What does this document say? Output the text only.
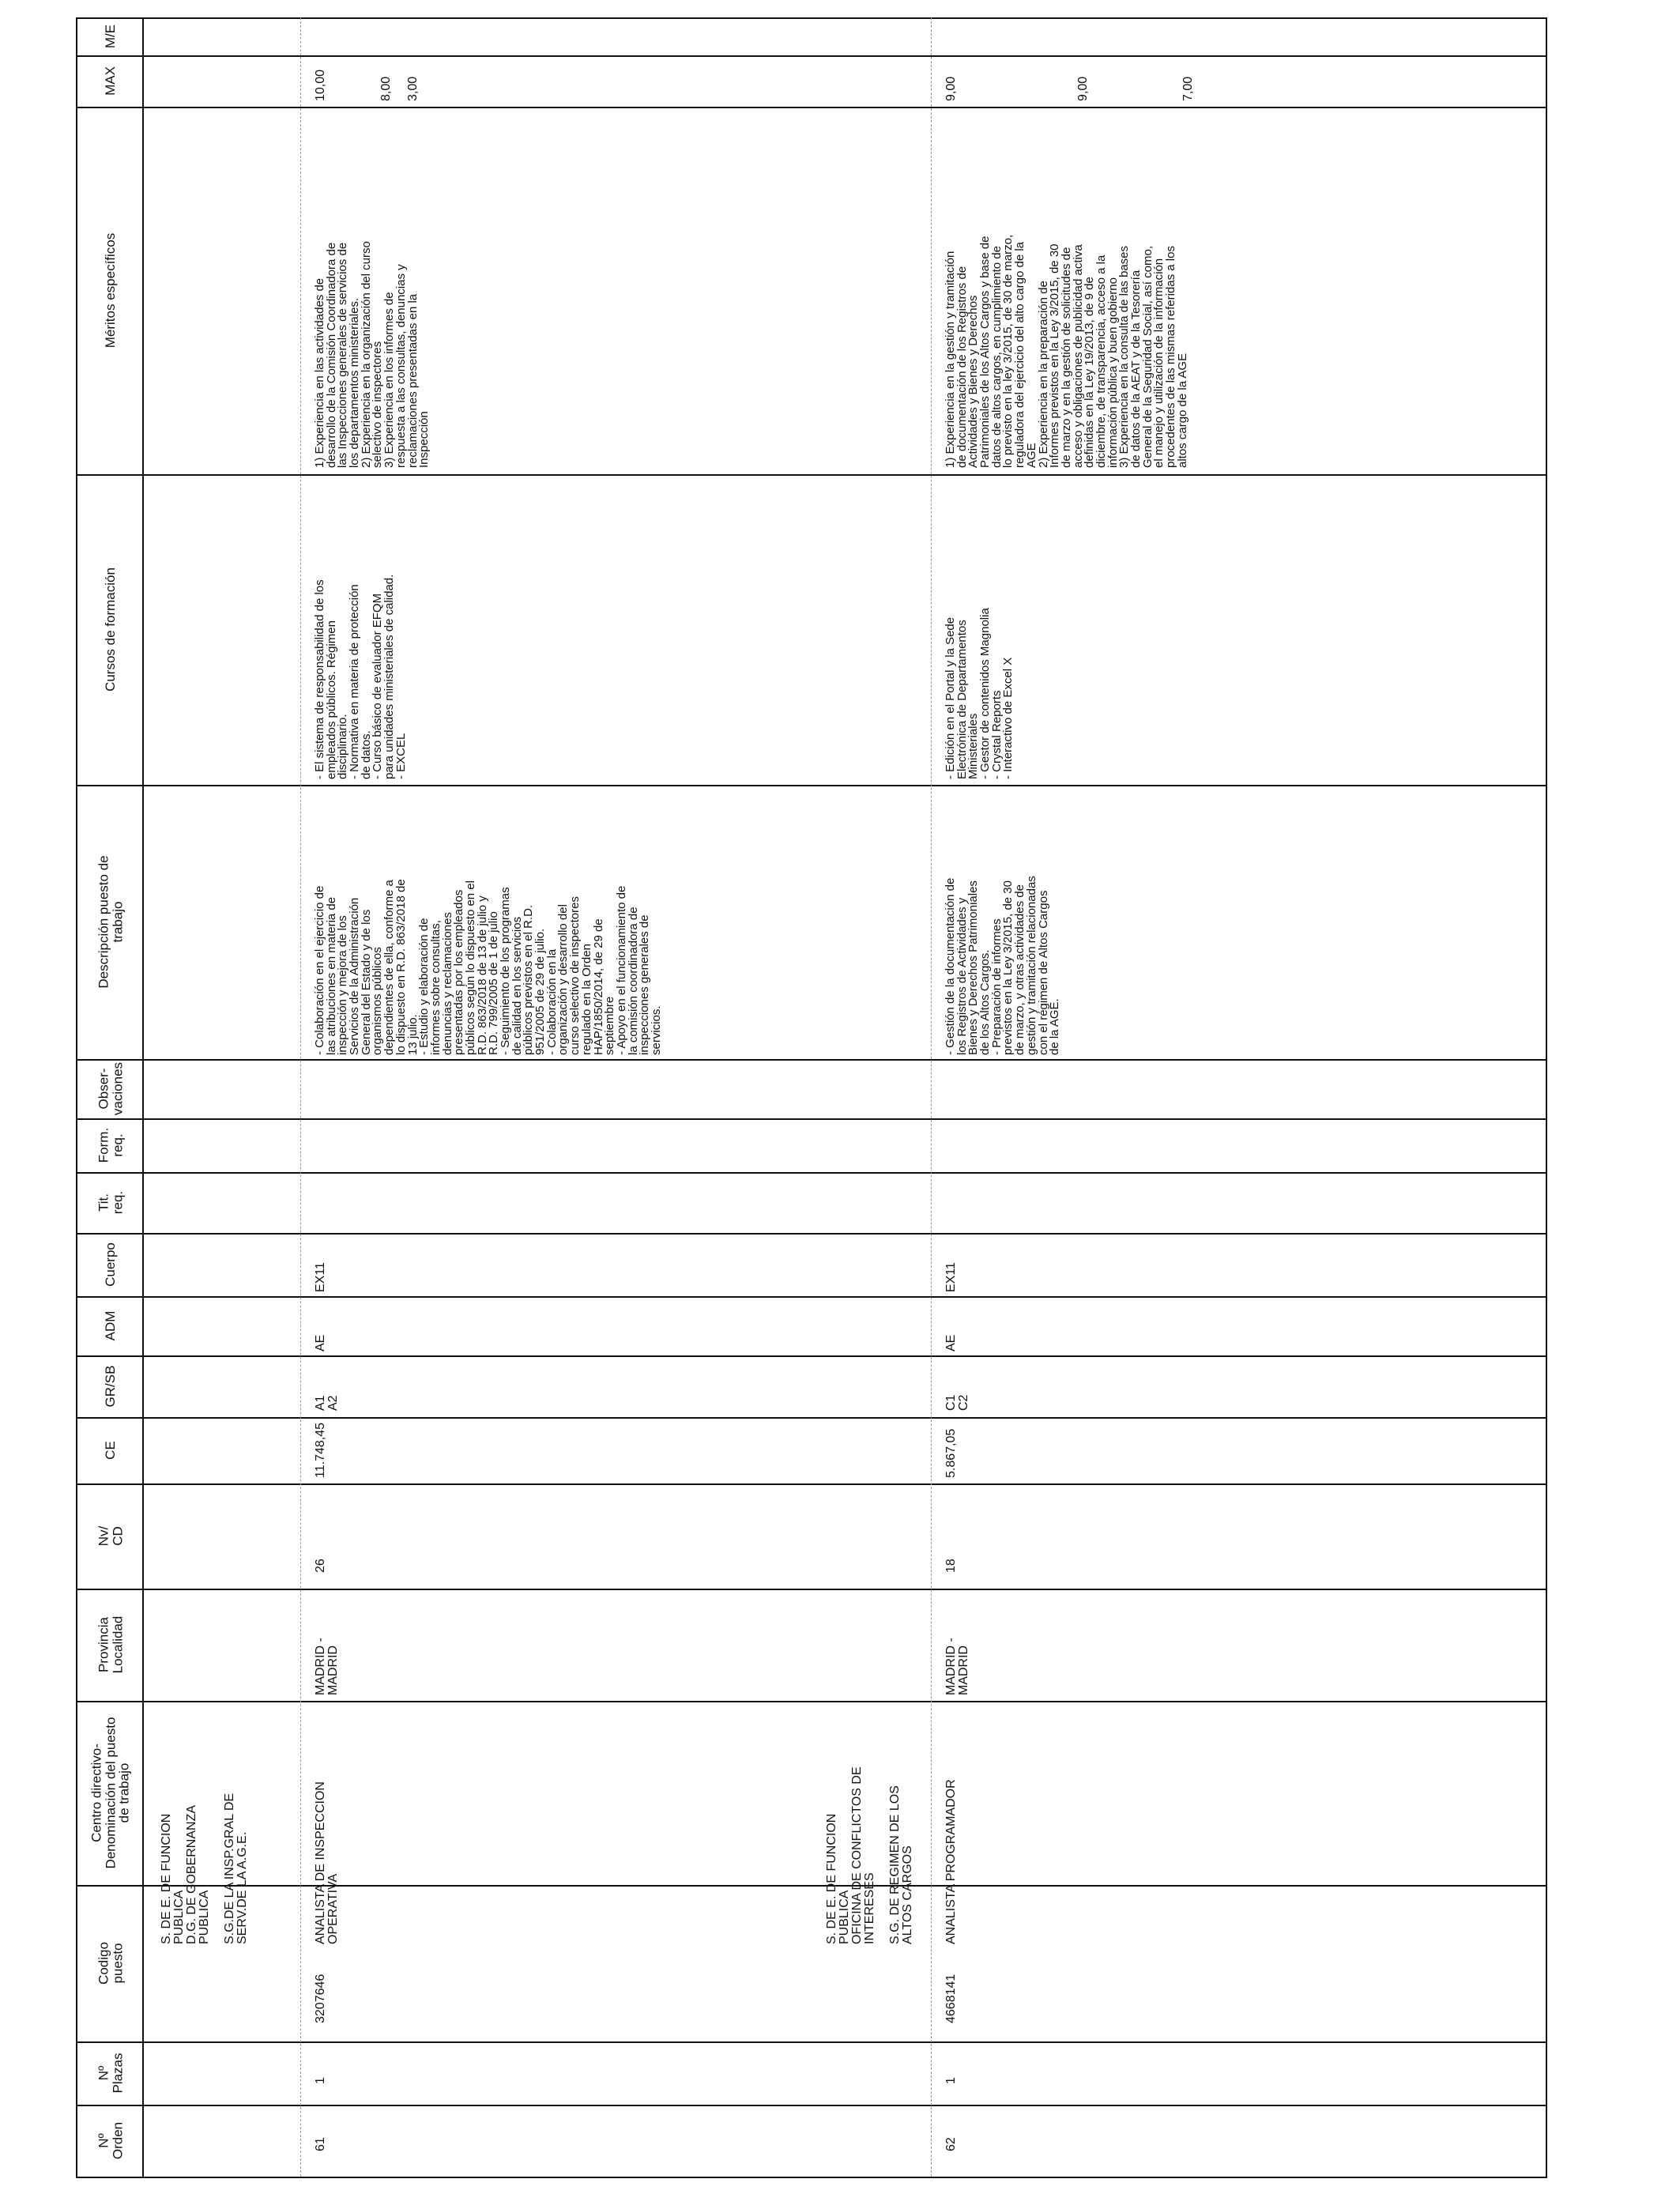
M/E
MAX
Méritos específicos
Cursos de formación
Descripción puesto de
trabajo
Obser-
vaciones
Form.
req.
Tit.
req.
Cuerpo
ADM
GR/SB
CE
Nv/
CD
Provincia
Localidad
Centro directivo-
Denominación del puesto
de trabajo
Codigo
puesto
Nº
Plazas
Nº
Orden
S. DE E. DE FUNCION
PUBLICA
D.G. DE GOBERNANZA
PUBLICA

S.G.DE LA INSP.GRAL DE
SERV.DE LA A.G.E.
S. DE E. DE FUNCION
PUBLICA
OFICINA DE CONFLICTOS DE
INTERESES

S.G. DE REGIMEN DE LOS
ALTOS CARGOS
61
1
3207646
ANALISTA DE INSPECCION
OPERATIVA
MADRID -
MADRID
26
11.748,45
A1
A2
AE
EX11
- Colaboración en el ejercicio de
las atribuciones en materia de
inspección y mejora de los
Servicios de la Administración
General del Estado y de los
organismos públicos
dependientes de ella, conforme a
lo dispuesto en R.D. 863/2018 de
13 julio.
- Estudio y elaboración de
informes sobre consultas,
denuncias y reclamaciones
presentadas por los empleados
públicos según lo dispuesto en el
R.D. 863/2018 de 13 de julio y
R.D. 799/2005 de 1 de julio
- Seguimiento de los programas
de calidad en los servicios
públicos previstos en el R.D.
951/2005 de 29 de julio.
- Colaboración en la
organización y desarrollo del
curso selectivo de inspectores
regulado en la Orden
HAP/1850/2014, de 29 de
septiembre
- Apoyo en el funcionamiento de
la comisión coordinadora de
inspecciones generales de
servicios.
- El sistema de responsabilidad de los
empleados públicos. Régimen
disciplinario.
- Normativa en materia de protección
de datos.
- Curso básico de evaluador EFQM
para unidades ministeriales de calidad.
- EXCEL
1) Experiencia en las actividades de
desarrollo de la Comisión Coordinadora de
las Inspecciones generales de servicios de
los departamentos ministeriales.
2) Experiencia en la organización del curso
selectivo de inspectores
3) Experiencia en los informes de
respuesta a las consultas, denuncias y
reclamaciones presentadas en la
Inspección
10,00
62
1
4668141
ANALISTA PROGRAMADOR
MADRID -
MADRID
18
5.867,05
C1
C2
AE
EX11
- Gestión de la documentación de
los Registros de Actividades y
Bienes y Derechos Patrimoniales
de los Altos Cargos.
- Preparación de informes
previstos en la Ley 3/2015, de 30
de marzo, y otras actividades de
gestión y tramitación relacionadas
con el régimen de Altos Cargos
de la AGE.
- Edición en el Portal y la Sede
Electrónica de Departamentos
Ministeriales
- Gestor de contenidos Magnolia
- Crystal Reports
- Interactivo de Excel X
1) Experiencia en la gestión y tramitación
de documentación de los Registros de
Actividades y Bienes y Derechos
Patrimoniales de los Altos Cargos y base de
datos de altos cargos, en cumplimiento de
lo previsto en la ley 3/2015, de 30 de marzo,
reguladora del ejercicio del alto cargo de la
AGE
2) Experiencia en la preparación de
Informes previstos en la Ley 3/2015, de 30
de marzo y en la gestión de solicitudes de
acceso y obligaciones de publicidad activa
definidas en la Ley 19/2013, de 9 de
diciembre, de transparencia, acceso a la
información pública y buen gobierno
3) Experiencia en la consulta de las bases
de datos de la AEAT y de la Tesorería
General de la Seguridad Social, así como,
el manejo y utilización de la información
procedentes de las mismas referidas a los
altos cargo de la AGE
9,00
8,00 3,00	9,00	7,00
